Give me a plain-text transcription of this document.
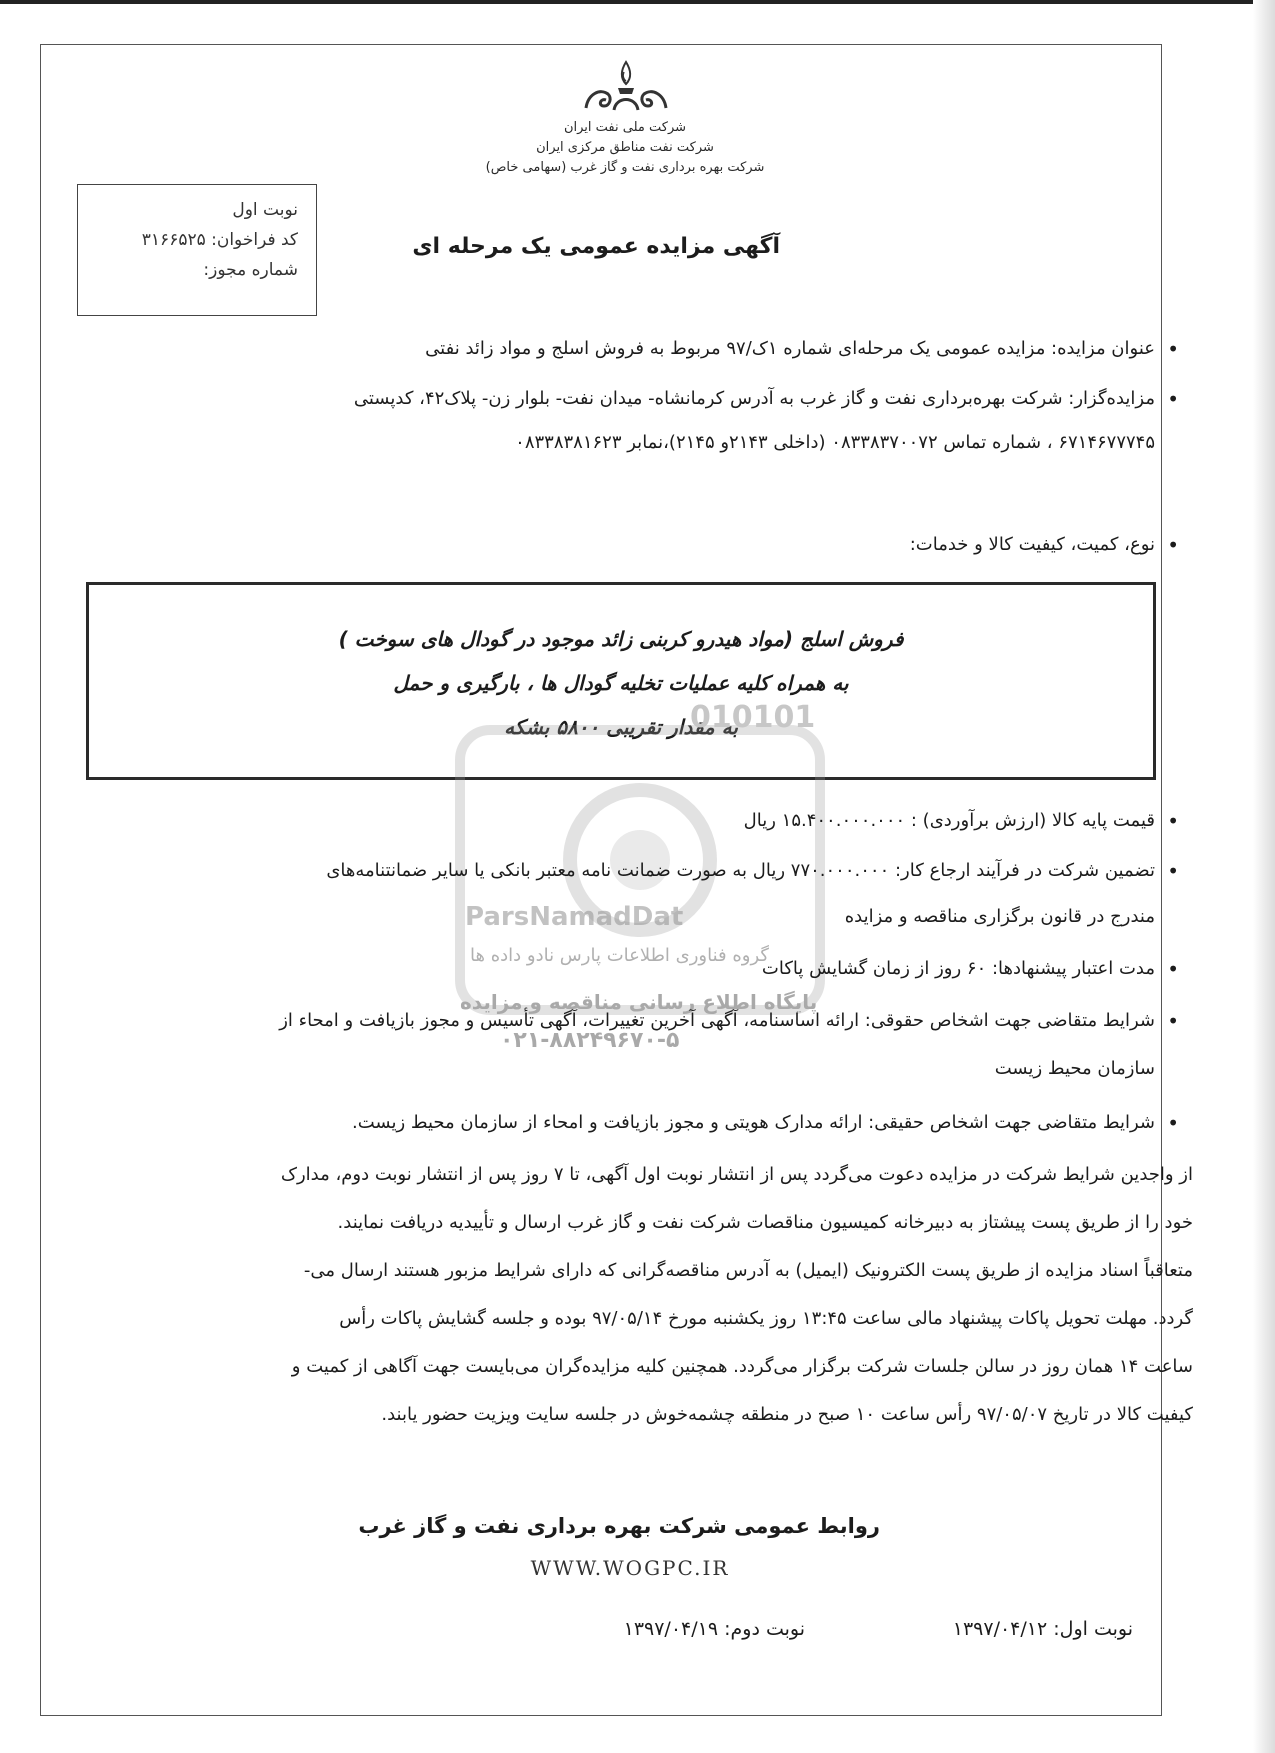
شرکت ملی نفت ایران
شرکت نفت مناطق مرکزی ایران
شرکت بهره برداری نفت و گاز غرب (سهامی خاص)
نوبت اول
کد فراخوان: ۳۱۶۶۵۲۵
شماره مجوز:
آگهی مزایده عمومی یک مرحله ای
• عنوان مزایده: مزایده عمومی یک مرحله‌ای شماره ۱ک/۹۷ مربوط به فروش اسلج و مواد زائد نفتی
• مزایده‌گزار: شرکت بهره‌برداری نفت و گاز غرب به آدرس کرمانشاه- میدان نفت- بلوار زن- پلاک۴۲، کدپستی
۶۷۱۴۶۷۷۷۴۵ ، شماره تماس ۰۸۳۳۸۳۷۰۰۷۲ (داخلی ۲۱۴۳و ۲۱۴۵)،نمابر ۰۸۳۳۸۳۸۱۶۲۳
• نوع، کمیت، کیفیت کالا و خدمات:
فروش اسلج (مواد هیدرو کربنی زائد موجود در گودال های سوخت )
به همراه کلیه عملیات تخلیه گودال ها ، بارگیری و حمل
به مقدار تقریبی ۵۸۰۰ بشکه
ParsNamadDat
010101
گروه فناوری اطلاعات پارس نادو داده ها
پایگاه اطلاع رسانی مناقصه و مزایده
۰۲۱-۸۸۲۴۹۶۷۰-۵
• قیمت پایه کالا (ارزش برآوردی) : ۱۵.۴۰۰.۰۰۰.۰۰۰ ریال
• تضمین شرکت در فرآیند ارجاع کار: ۷۷۰.۰۰۰.۰۰۰ ریال به صورت ضمانت نامه معتبر بانکی یا سایر ضمانتنامه‌های
مندرج در قانون برگزاری مناقصه و مزایده
• مدت اعتبار پیشنهادها: ۶۰ روز از زمان گشایش پاکات
• شرایط متقاضی جهت اشخاص حقوقی: ارائه اساسنامه، آگهی آخرین تغییرات، آگهی تأسیس و مجوز بازیافت و امحاء از
سازمان محیط زیست
• شرایط متقاضی جهت اشخاص حقیقی: ارائه مدارک هویتی و مجوز بازیافت و امحاء از سازمان محیط زیست.
از واجدین شرایط شرکت در مزایده دعوت می‌گردد پس از انتشار نوبت اول آگهی، تا ۷ روز پس از انتشار نوبت دوم، مدارک
خود را از طریق پست پیشتاز به دبیرخانه کمیسیون مناقصات شرکت نفت و گاز غرب ارسال و تأییدیه دریافت نمایند.
متعاقباً اسناد مزایده از طریق پست الکترونیک (ایمیل) به آدرس مناقصه‌گرانی که دارای شرایط مزبور هستند ارسال می-
گردد. مهلت تحویل پاکات پیشنهاد مالی ساعت ۱۳:۴۵ روز یکشنبه مورخ ۹۷/۰۵/۱۴ بوده و جلسه گشایش پاکات رأس
ساعت ۱۴ همان روز در سالن جلسات شرکت برگزار می‌گردد. همچنین کلیه مزایده‌گران می‌بایست جهت آگاهی از کمیت و
کیفیت کالا در تاریخ ۹۷/۰۵/۰۷ رأس ساعت ۱۰ صبح در منطقه چشمه‌خوش در جلسه سایت ویزیت حضور یابند.
روابط عمومی شرکت بهره برداری نفت و گاز غرب
WWW.WOGPC.IR
نوبت اول: ۱۳۹۷/۰۴/۱۲
نوبت دوم: ۱۳۹۷/۰۴/۱۹
